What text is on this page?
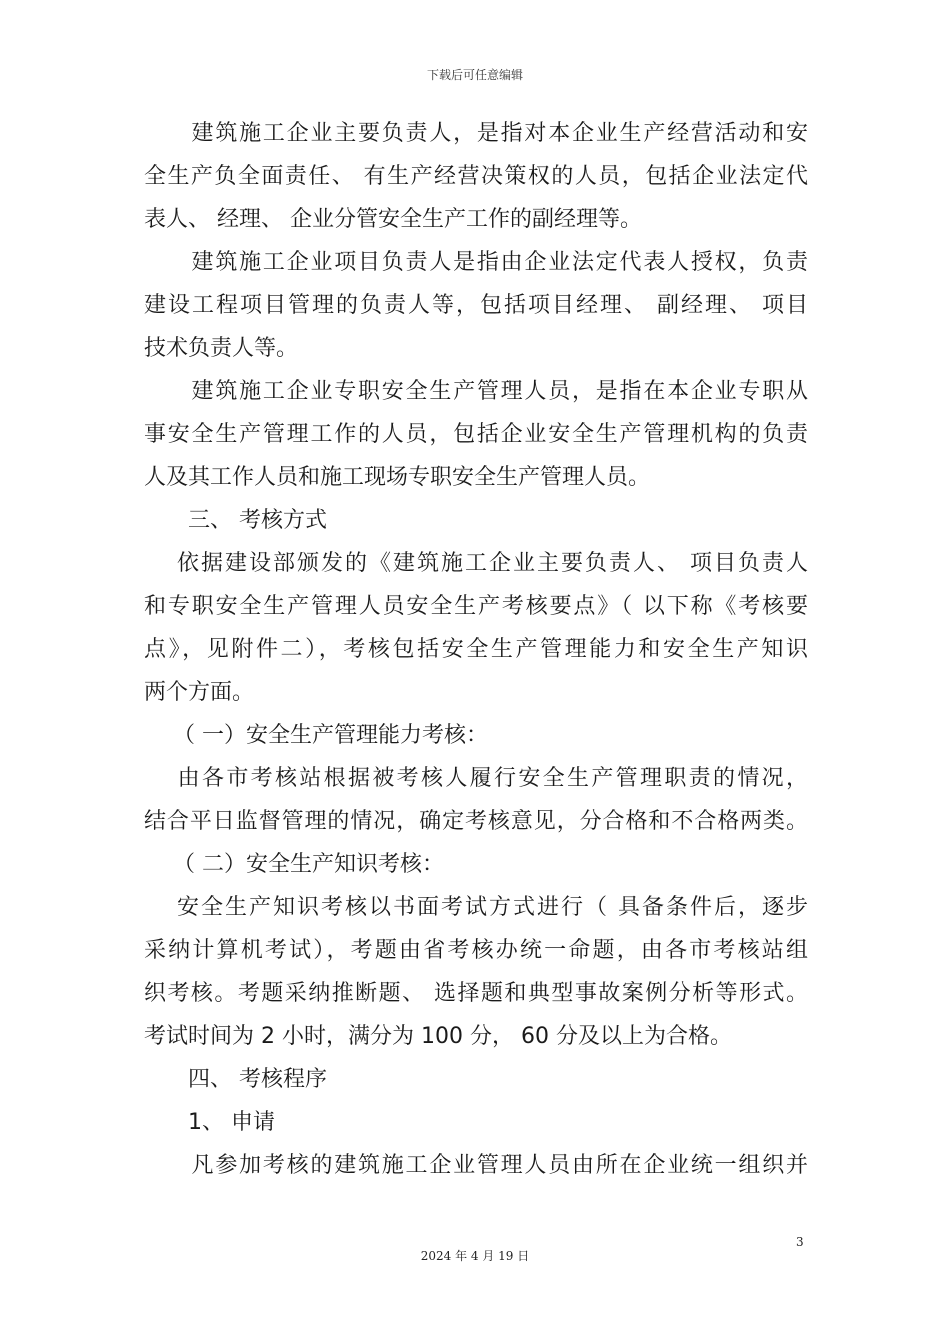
下载后可任意编辑
　　建筑施工企业主要负责人，是指对本企业生产经营活动和安
全生产负全面责任、 有生产经营决策权的人员，包括企业法定代
表人、 经理、 企业分管安全生产工作的副经理等。
　　建筑施工企业项目负责人是指由企业法定代表人授权，负责
建设工程项目管理的负责人等，包括项目经理、 副经理、 项目
技术负责人等。
　　建筑施工企业专职安全生产管理人员，是指在本企业专职从
事安全生产管理工作的人员，包括企业安全生产管理机构的负责
人及其工作人员和施工现场专职安全生产管理人员。
　　三、 考核方式
　 依据建设部颁发的《建筑施工企业主要负责人、 项目负责人
和专职安全生产管理人员安全生产考核要点》（ 以下称《考核要
点》，见附件二），考核包括安全生产管理能力和安全生产知识
两个方面。
　 （ 一）安全生产管理能力考核：
　 由各市考核站根据被考核人履行安全生产管理职责的情况，
结合平日监督管理的情况，确定考核意见，分合格和不合格两类。
　 （ 二）安全生产知识考核：
　 安全生产知识考核以书面考试方式进行（ 具备条件后，逐步
采纳计算机考试），考题由省考核办统一命题，由各市考核站组
织考核。考题采纳推断题、 选择题和典型事故案例分析等形式。
考试时间为 2 小时，满分为 100 分， 60 分及以上为合格。
　　四、 考核程序
　　1、 申请
　　凡参加考核的建筑施工企业管理人员由所在企业统一组织并
3
2024 年 4 月 19 日
